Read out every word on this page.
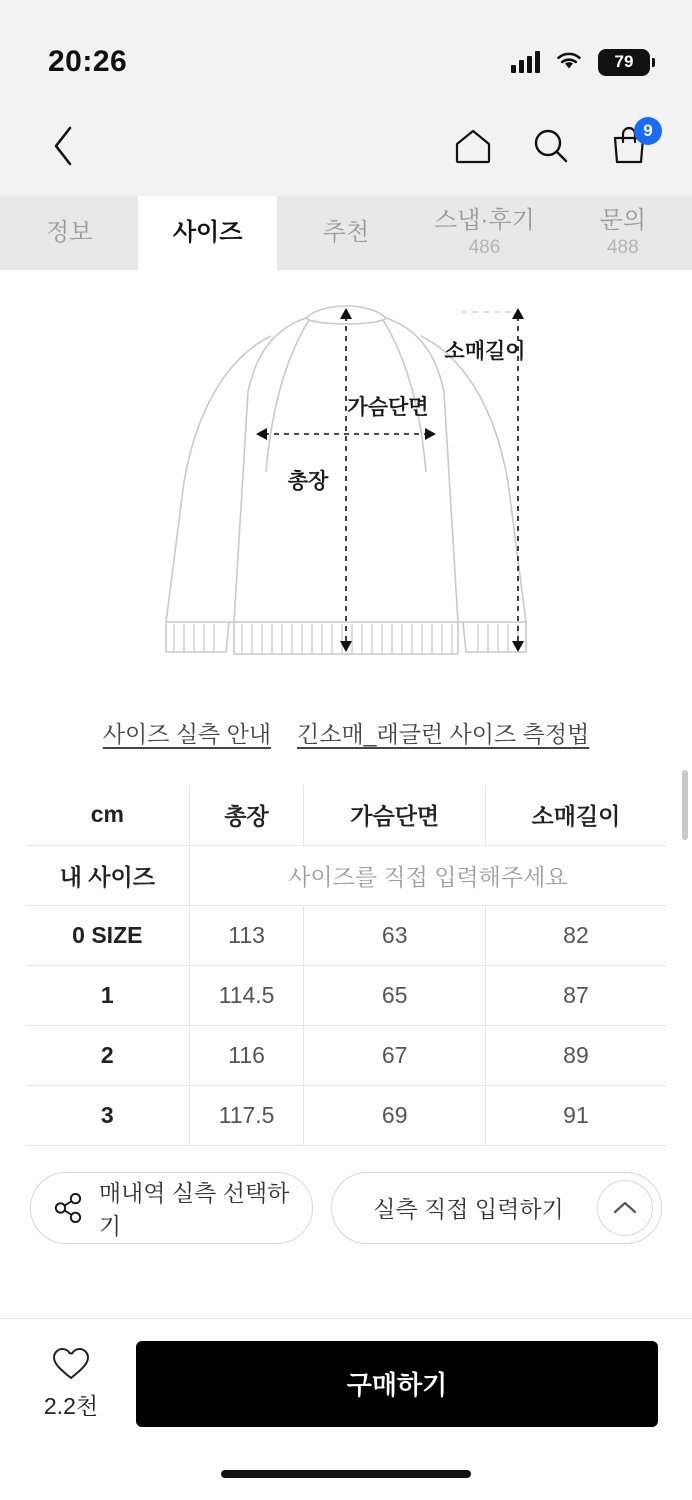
20:26	79
9
정보	사이즈	추천	스냅·후기
486
문의
488
소매길이
가슴단면
총장
사이즈 실측 안내 긴소매_래글런 사이즈 측정법
cm	총장	가슴단면	소매길이
내 사이즈	사이즈를 직접 입력해주세요		
0 SIZE	113	63	82
1	114.5	65	87
2	116	67	89
3	117.5	69	91
매내역 실측 선택하기
실측 직접 입력하기
2.2천
구매하기
